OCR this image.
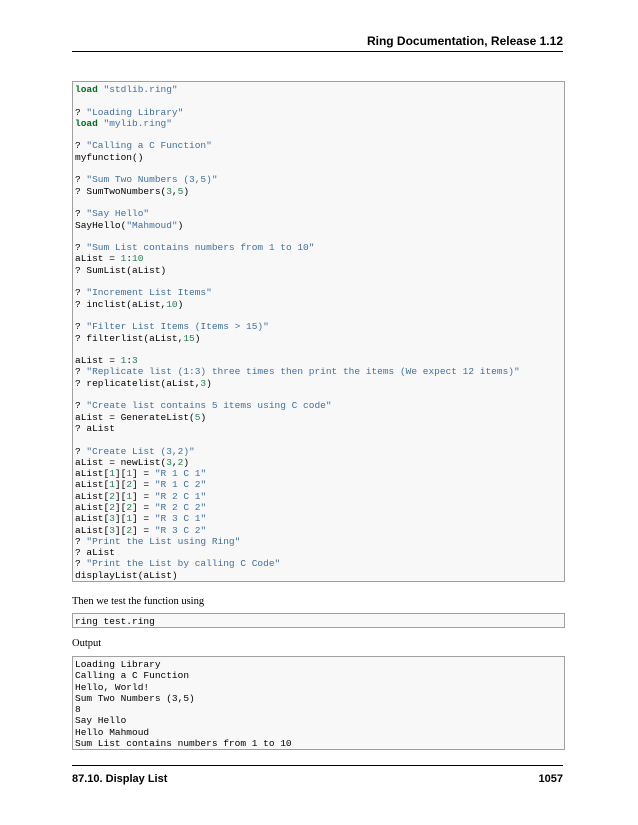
Ring Documentation, Release 1.12
load "stdlib.ring"
? "Loading Library"
load "mylib.ring"
? "Calling a C Function"
myfunction()
? "Sum Two Numbers (3,5)"
? SumTwoNumbers(3,5)
? "Say Hello"
SayHello("Mahmoud")
? "Sum List contains numbers from 1 to 10"
aList = 1:10
? SumList(aList)
? "Increment List Items"
? inclist(aList,10)
? "Filter List Items (Items > 15)"
? filterlist(aList,15)
aList = 1:3
? "Replicate list (1:3) three times then print the items (We expect 12 items)"
? replicatelist(aList,3)
? "Create list contains 5 items using C code"
aList = GenerateList(5)
? aList
? "Create List (3,2)"
aList = newList(3,2)
aList[1][1] = "R 1 C 1"
aList[1][2] = "R 1 C 2"
aList[2][1] = "R 2 C 1"
aList[2][2] = "R 2 C 2"
aList[3][1] = "R 3 C 1"
aList[3][2] = "R 3 C 2"
? "Print the List using Ring"
? aList
? "Print the List by calling C Code"
displayList(aList)
Then we test the function using
ring test.ring
Output
Loading Library
Calling a C Function
Hello, World!
Sum Two Numbers (3,5)
8
Say Hello
Hello Mahmoud
Sum List contains numbers from 1 to 10
87.10. Display List	1057
